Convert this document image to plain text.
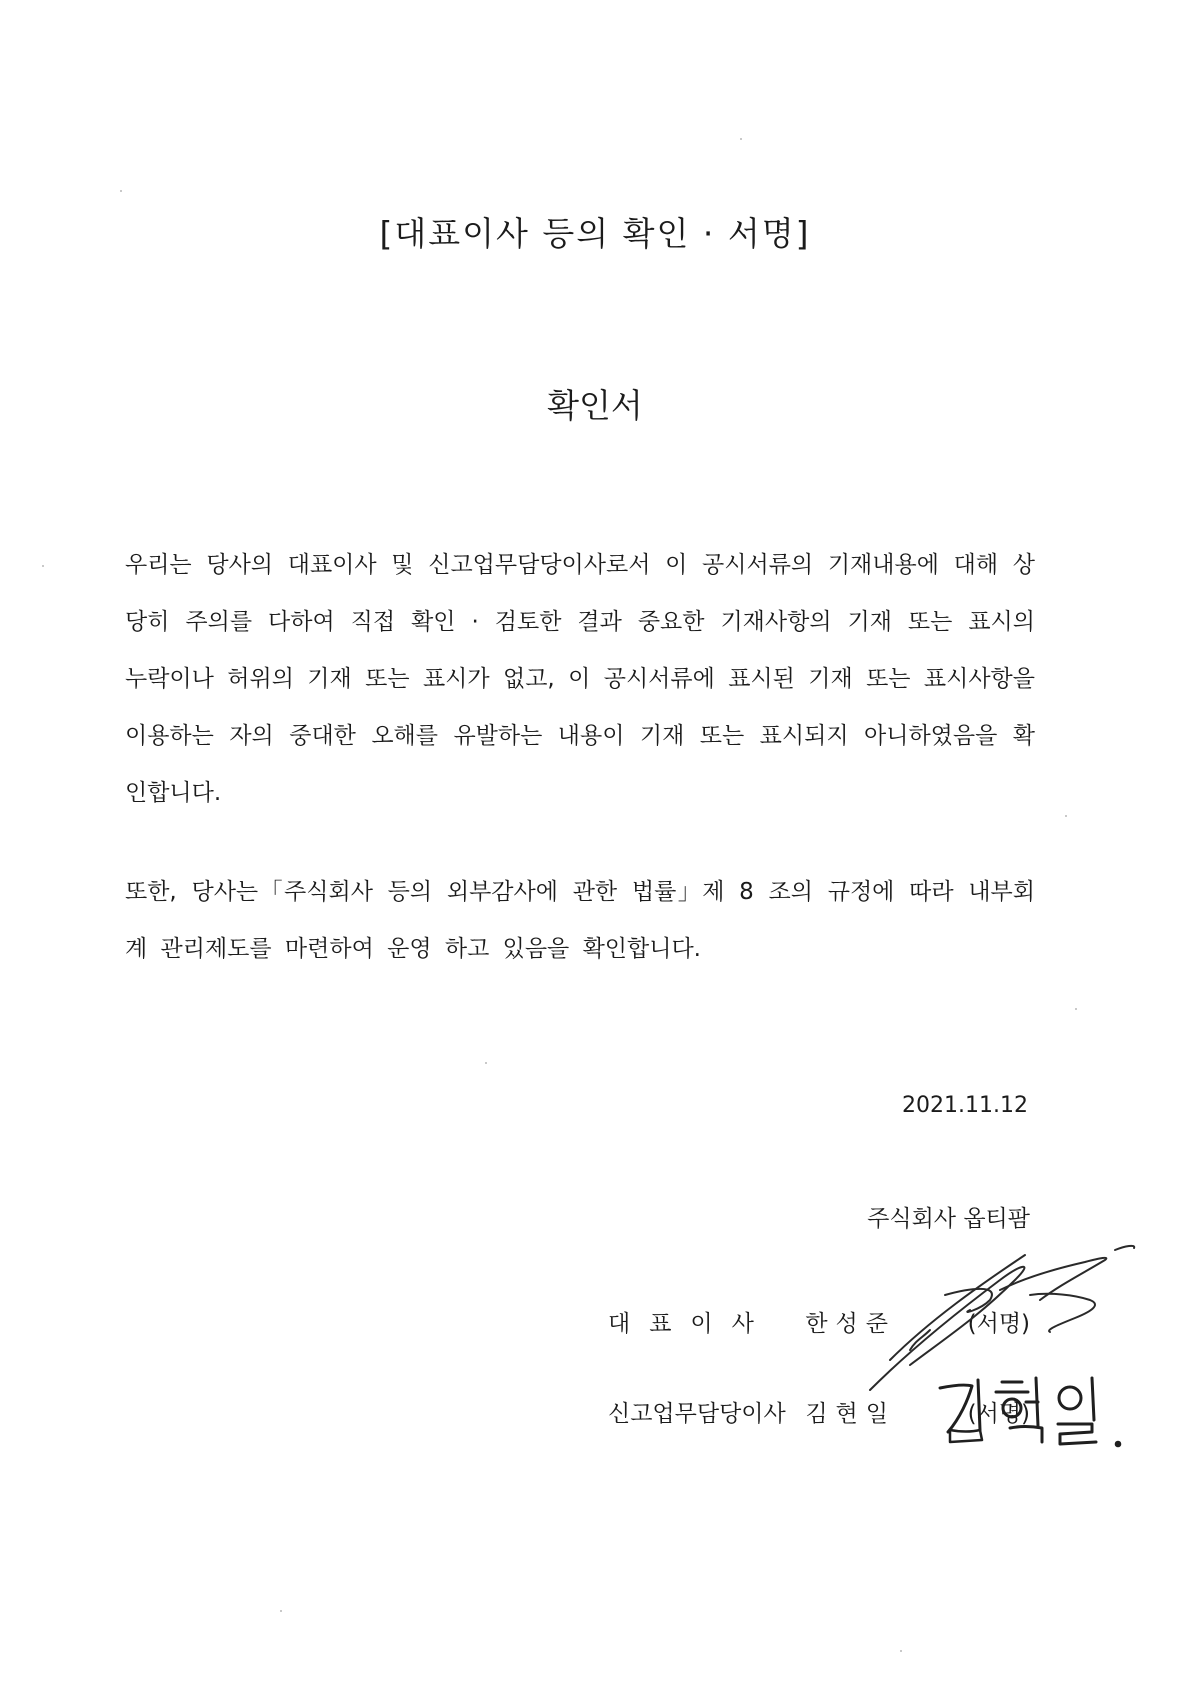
[대표이사 등의 확인 · 서명]
확인서

우리는 당사의 대표이사 및 신고업무담당이사로서 이 공시서류의 기재내용에 대해 상당히 주의를 다하여 직접 확인 · 검토한 결과 중요한 기재사항의 기재 또는 표시의 누락이나 허위의 기재 또는 표시가 없고, 이 공시서류에 표시된 기재 또는 표시사항을 이용하는 자의 중대한 오해를 유발하는 내용이 기재 또는 표시되지 아니하였음을 확인합니다.

또한, 당사는「주식회사 등의 외부감사에 관한 법률」제 8 조의 규정에 따라 내부회계 관리제도를 마련하여 운영 하고 있음을 확인합니다.

2021.11.12
주식회사 옵티팜
대표이사 한성준	(서명)
신고업무담당이사 김현일	(서명)
